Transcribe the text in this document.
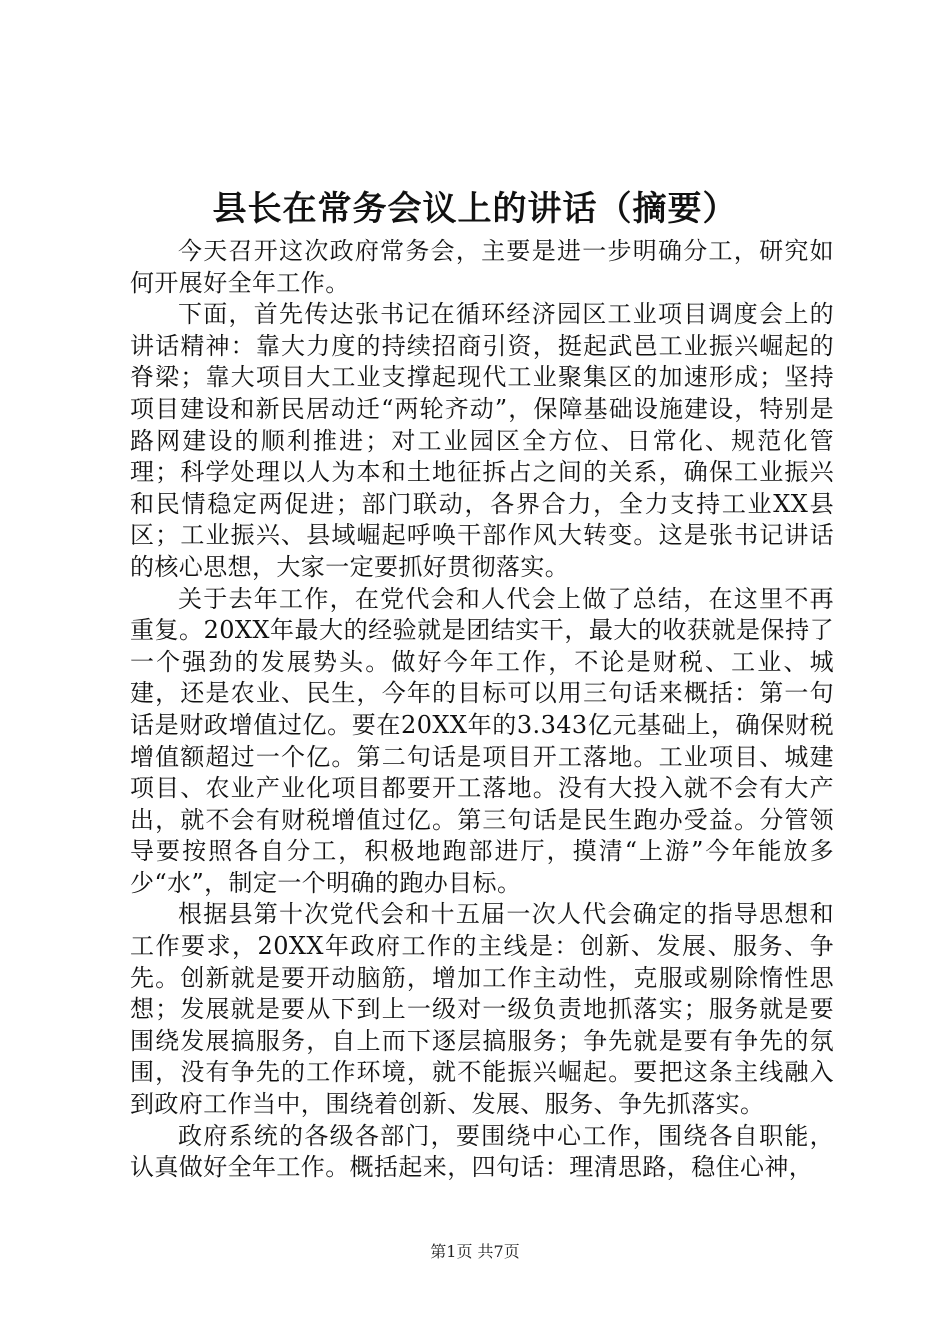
县长在常务会议上的讲话（摘要）

今天召开这次政府常务会，主要是进一步明确分工，研究如何开展好全年工作。

下面，首先传达张书记在循环经济园区工业项目调度会上的讲话精神：靠大力度的持续招商引资，挺起武邑工业振兴崛起的脊梁；靠大项目大工业支撑起现代工业聚集区的加速形成；坚持项目建设和新民居动迁“两轮齐动”，保障基础设施建设，特别是路网建设的顺利推进；对工业园区全方位、日常化、规范化管理；科学处理以人为本和土地征拆占之间的关系，确保工业振兴和民情稳定两促进；部门联动，各界合力，全力支持工业XX县区；工业振兴、县域崛起呼唤干部作风大转变。这是张书记讲话的核心思想，大家一定要抓好贯彻落实。

关于去年工作，在党代会和人代会上做了总结，在这里不再重复。20XX年最大的经验就是团结实干，最大的收获就是保持了一个强劲的发展势头。做好今年工作，不论是财税、工业、城建，还是农业、民生，今年的目标可以用三句话来概括：第一句话是财政增值过亿。要在20XX年的3.343亿元基础上，确保财税增值额超过一个亿。第二句话是项目开工落地。工业项目、城建项目、农业产业化项目都要开工落地。没有大投入就不会有大产出，就不会有财税增值过亿。第三句话是民生跑办受益。分管领导要按照各自分工，积极地跑部进厅，摸清“上游”今年能放多少“水”，制定一个明确的跑办目标。

根据县第十次党代会和十五届一次人代会确定的指导思想和工作要求，20XX年政府工作的主线是：创新、发展、服务、争先。创新就是要开动脑筋，增加工作主动性，克服或剔除惰性思想；发展就是要从下到上一级对一级负责地抓落实；服务就是要围绕发展搞服务，自上而下逐层搞服务；争先就是要有争先的氛围，没有争先的工作环境，就不能振兴崛起。要把这条主线融入到政府工作当中，围绕着创新、发展、服务、争先抓落实。

政府系统的各级各部门，要围绕中心工作，围绕各自职能，认真做好全年工作。概括起来，四句话：理清思路，稳住心神，

第1页 共7页
